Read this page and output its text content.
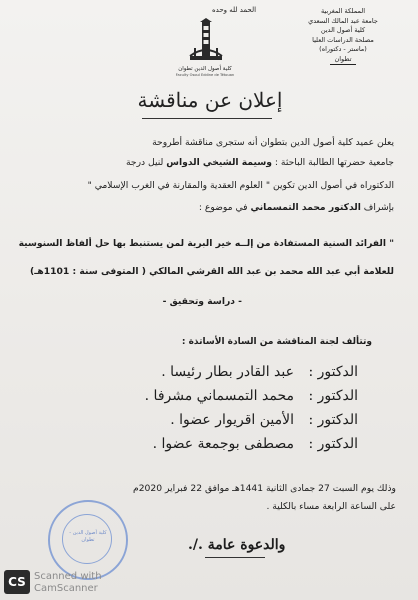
الحمد لله وحده	المملكة المغربية
جامعة عبد المالك السعدي
كلية أصول الدين
مصلحة الدراسات العليا
(ماستر - دكتوراه)
تطوان
كلية أصول الدين تطوان
Faculty Osoul Eddine de Tétouan
إعلان عن مناقشة
يعلن عميد كلية أصول الدين بتطوان أنه ستجرى مناقشة أطروحة
جامعية حضرتها الطالبة الباحثة : وسيمة الشيخي الدواس لنيل درجة
الدكتوراه في أصول الدين تكوين " العلوم العقدية والمقارنة في الغرب الإسلامي "
بإشراف الدكتور محمد التمسماني في موضوع :
" الفرائد السنية المستفادة من إلــه خير البرية لمن يستنبط بها حل ألفاظ السنوسية
للعلامة أبي عبد الله محمد بن عبد الله القرشي المالكي ( المتوفى سنة : 1101هـ)
- دراسة وتحقيق -
وتتألف لجنة المناقشة من السادة الأساتذة :
الدكتور :عبد القادر بطار رئيسا .
الدكتور :محمد التمسماني مشرفا .
الدكتور :الأمين اقريوار عضوا .
الدكتور :مصطفى بوجمعة عضوا .
وذلك يوم السبت 27 جمادى الثانية 1441هـ موافق 22 فبراير 2020م
على الساعة الرابعة مساء بالكلية .
كلية أصول الدين - تطوان	والدعوة عامة ./.
CS Scanned with
CamScanner
